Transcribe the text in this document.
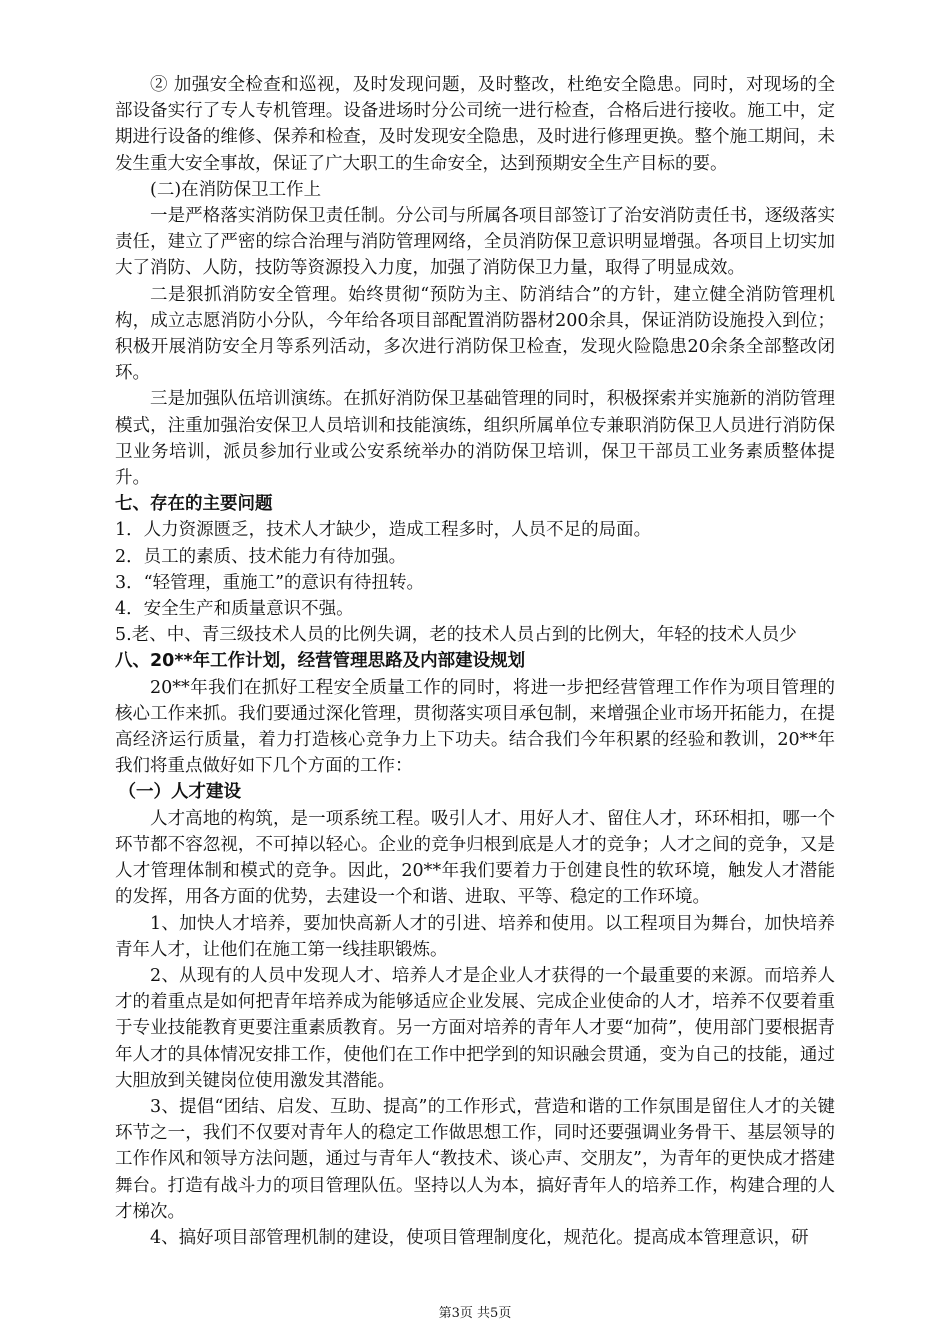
② 加强安全检查和巡视，及时发现问题，及时整改，杜绝安全隐患。同时，对现场的全部设备实行了专人专机管理。设备进场时分公司统一进行检查，合格后进行接收。施工中，定期进行设备的维修、保养和检查，及时发现安全隐患，及时进行修理更换。整个施工期间，未发生重大安全事故，保证了广大职工的生命安全，达到预期安全生产目标的要。

(二)在消防保卫工作上

一是严格落实消防保卫责任制。分公司与所属各项目部签订了治安消防责任书，逐级落实责任，建立了严密的综合治理与消防管理网络，全员消防保卫意识明显增强。各项目上切实加大了消防、人防，技防等资源投入力度，加强了消防保卫力量，取得了明显成效。

二是狠抓消防安全管理。始终贯彻“预防为主、防消结合”的方针，建立健全消防管理机构，成立志愿消防小分队，今年给各项目部配置消防器材200余具，保证消防设施投入到位；积极开展消防安全月等系列活动，多次进行消防保卫检查，发现火险隐患20余条全部整改闭环。

三是加强队伍培训演练。在抓好消防保卫基础管理的同时，积极探索并实施新的消防管理模式，注重加强治安保卫人员培训和技能演练，组织所属单位专兼职消防保卫人员进行消防保卫业务培训，派员参加行业或公安系统举办的消防保卫培训，保卫干部员工业务素质整体提升。

七、存在的主要问题

1．人力资源匮乏，技术人才缺少，造成工程多时，人员不足的局面。

2．员工的素质、技术能力有待加强。

3．“轻管理，重施工”的意识有待扭转。

4．安全生产和质量意识不强。

5.老、中、青三级技术人员的比例失调，老的技术人员占到的比例大，年轻的技术人员少

八、20**年工作计划，经营管理思路及内部建设规划

20**年我们在抓好工程安全质量工作的同时，将进一步把经营管理工作作为项目管理的核心工作来抓。我们要通过深化管理，贯彻落实项目承包制，来增强企业市场开拓能力，在提高经济运行质量，着力打造核心竞争力上下功夫。结合我们今年积累的经验和教训，20**年我们将重点做好如下几个方面的工作：

（一）人才建设

人才高地的构筑，是一项系统工程。吸引人才、用好人才、留住人才，环环相扣，哪一个环节都不容忽视，不可掉以轻心。企业的竞争归根到底是人才的竞争；人才之间的竞争，又是人才管理体制和模式的竞争。因此，20**年我们要着力于创建良性的软环境，触发人才潜能的发挥，用各方面的优势，去建设一个和谐、进取、平等、稳定的工作环境。

1、加快人才培养，要加快高新人才的引进、培养和使用。以工程项目为舞台，加快培养青年人才，让他们在施工第一线挂职锻炼。

2、从现有的人员中发现人才、培养人才是企业人才获得的一个最重要的来源。而培养人才的着重点是如何把青年培养成为能够适应企业发展、完成企业使命的人才，培养不仅要着重于专业技能教育更要注重素质教育。另一方面对培养的青年人才要“加荷”，使用部门要根据青年人才的具体情况安排工作，使他们在工作中把学到的知识融会贯通，变为自己的技能，通过大胆放到关键岗位使用激发其潜能。

3、提倡“团结、启发、互助、提高”的工作形式，营造和谐的工作氛围是留住人才的关键环节之一，我们不仅要对青年人的稳定工作做思想工作，同时还要强调业务骨干、基层领导的工作作风和领导方法问题，通过与青年人“教技术、谈心声、交朋友”，为青年的更快成才搭建舞台。打造有战斗力的项目管理队伍。坚持以人为本，搞好青年人的培养工作，构建合理的人才梯次。

4、搞好项目部管理机制的建设，使项目管理制度化，规范化。提高成本管理意识，研

第3页 共5页
